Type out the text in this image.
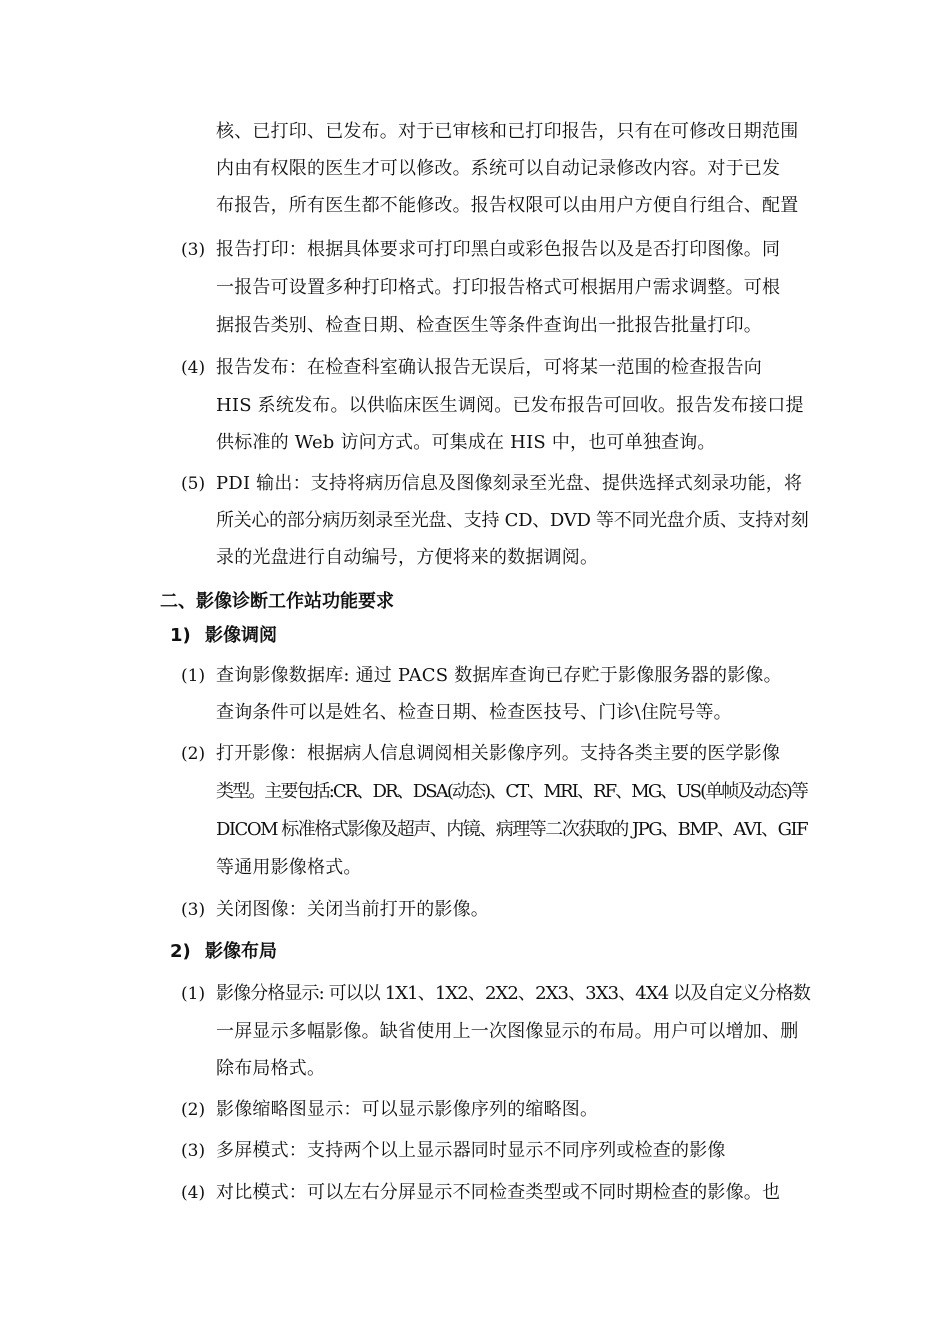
核、已打印、已发布。对于已审核和已打印报告，只有在可修改日期范围
内由有权限的医生才可以修改。系统可以自动记录修改内容。对于已发
布报告，所有医生都不能修改。报告权限可以由用户方便自行组合、配置
(3) 报告打印：根据具体要求可打印黑白或彩色报告以及是否打印图像。同
一报告可设置多种打印格式。打印报告格式可根据用户需求调整。可根
据报告类别、检查日期、检查医生等条件查询出一批报告批量打印。
(4) 报告发布：在检查科室确认报告无误后，可将某一范围的检查报告向
HIS 系统发布。以供临床医生调阅。已发布报告可回收。报告发布接口提
供标准的 Web 访问方式。可集成在 HIS 中，也可单独查询。
(5) PDI 输出：支持将病历信息及图像刻录至光盘、提供选择式刻录功能，将
所关心的部分病历刻录至光盘、支持 CD、DVD 等不同光盘介质、支持对刻
录的光盘进行自动编号，方便将来的数据调阅。
二、影像诊断工作站功能要求
1) 影像调阅
(1) 查询影像数据库: 通过 PACS 数据库查询已存贮于影像服务器的影像。
查询条件可以是姓名、检查日期、检查医技号、门诊\住院号等。
(2) 打开影像：根据病人信息调阅相关影像序列。支持各类主要的医学影像
类型。主要包括:CR、DR、DSA(动态)、CT、MRI、RF、MG、US(单帧及动态)等
DICOM 标准格式影像及超声、内镜、病理等二次获取的 JPG、BMP、AVI、GIF
等通用影像格式。
(3) 关闭图像：关闭当前打开的影像。
2) 影像布局
(1) 影像分格显示: 可以以 1X1、1X2、2X2、2X3、3X3、4X4 以及自定义分格数
一屏显示多幅影像。缺省使用上一次图像显示的布局。用户可以增加、删
除布局格式。
(2) 影像缩略图显示：可以显示影像序列的缩略图。
(3) 多屏模式：支持两个以上显示器同时显示不同序列或检查的影像
(4) 对比模式：可以左右分屏显示不同检查类型或不同时期检查的影像。也
